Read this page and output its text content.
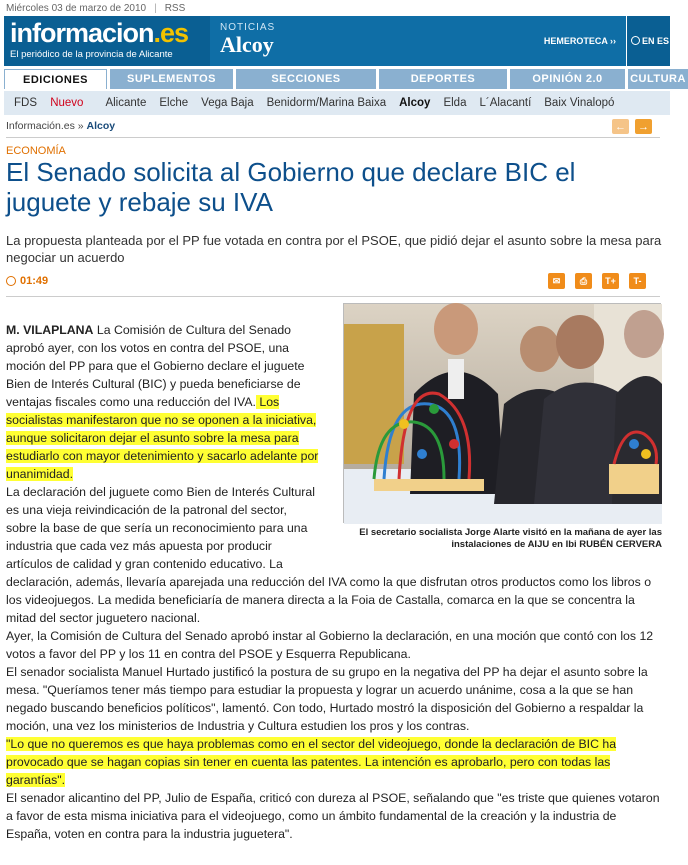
Miércoles 03 de marzo de 2010 | RSS
informacion.es
El periódico de la provincia de Alicante
NOTICIAS
Alcoy	HEMEROTECA ››	EN ES
EDICIONES	SUPLEMENTOS	SECCIONES	DEPORTES	OPINIÓN 2.0	CULTURA
FDS Nuevo	Alicante	Elche	Vega Baja	Benidorm/Marina Baixa	Alcoy	Elda	L´Alacantí	Baix Vinalopó
Información.es » Alcoy	← →
ECONOMÍA
El Senado solicita al Gobierno que declare BIC el juguete y rebaje su IVA
La propuesta planteada por el PP fue votada en contra por el PSOE, que pidió dejar el asunto sobre la mesa para negociar un acuerdo
01:49	✉	⎙	T+	T-
El secretario socialista Jorge Alarte visitó en la mañana de ayer las instalaciones de AIJU en Ibi RUBÉN CERVERA

M. VILAPLANA La Comisión de Cultura del Senado aprobó ayer, con los votos en contra del PSOE, una moción del PP para que el Gobierno declare el juguete Bien de Interés Cultural (BIC) y pueda beneficiarse de ventajas fiscales como una reducción del IVA. Los socialistas manifestaron que no se oponen a la iniciativa, aunque solicitaron dejar el asunto sobre la mesa para estudiarlo con mayor detenimiento y sacarlo adelante por unanimidad.

La declaración del juguete como Bien de Interés Cultural es una vieja reivindicación de la patronal del sector, sobre la base de que sería un reconocimiento para una industria que cada vez más apuesta por producir artículos de calidad y gran contenido educativo. La declaración, además, llevaría aparejada una reducción del IVA como la que disfrutan otros productos como los libros o los videojuegos. La medida beneficiaría de manera directa a la Foia de Castalla, comarca en la que se concentra la mitad del sector juguetero nacional.

Ayer, la Comisión de Cultura del Senado aprobó instar al Gobierno la declaración, en una moción que contó con los 12 votos a favor del PP y los 11 en contra del PSOE y Esquerra Republicana.

El senador socialista Manuel Hurtado justificó la postura de su grupo en la negativa del PP ha dejar el asunto sobre la mesa. "Queríamos tener más tiempo para estudiar la propuesta y lograr un acuerdo unánime, cosa a la que se han negado buscando beneficios políticos", lamentó. Con todo, Hurtado mostró la disposición del Gobierno a respaldar la moción, una vez los ministerios de Industria y Cultura estudien los pros y los contras.

"Lo que no queremos es que haya problemas como en el sector del videojuego, donde la declaración de BIC ha provocado que se hagan copias sin tener en cuenta las patentes. La intención es aprobarlo, pero con todas las garantías".

El senador alicantino del PP, Julio de España, criticó con dureza al PSOE, señalando que "es triste que quienes votaron a favor de esta misma iniciativa para el videojuego, como un ámbito fundamental de la creación y la industria de España, voten en contra para la industria juguetera".
